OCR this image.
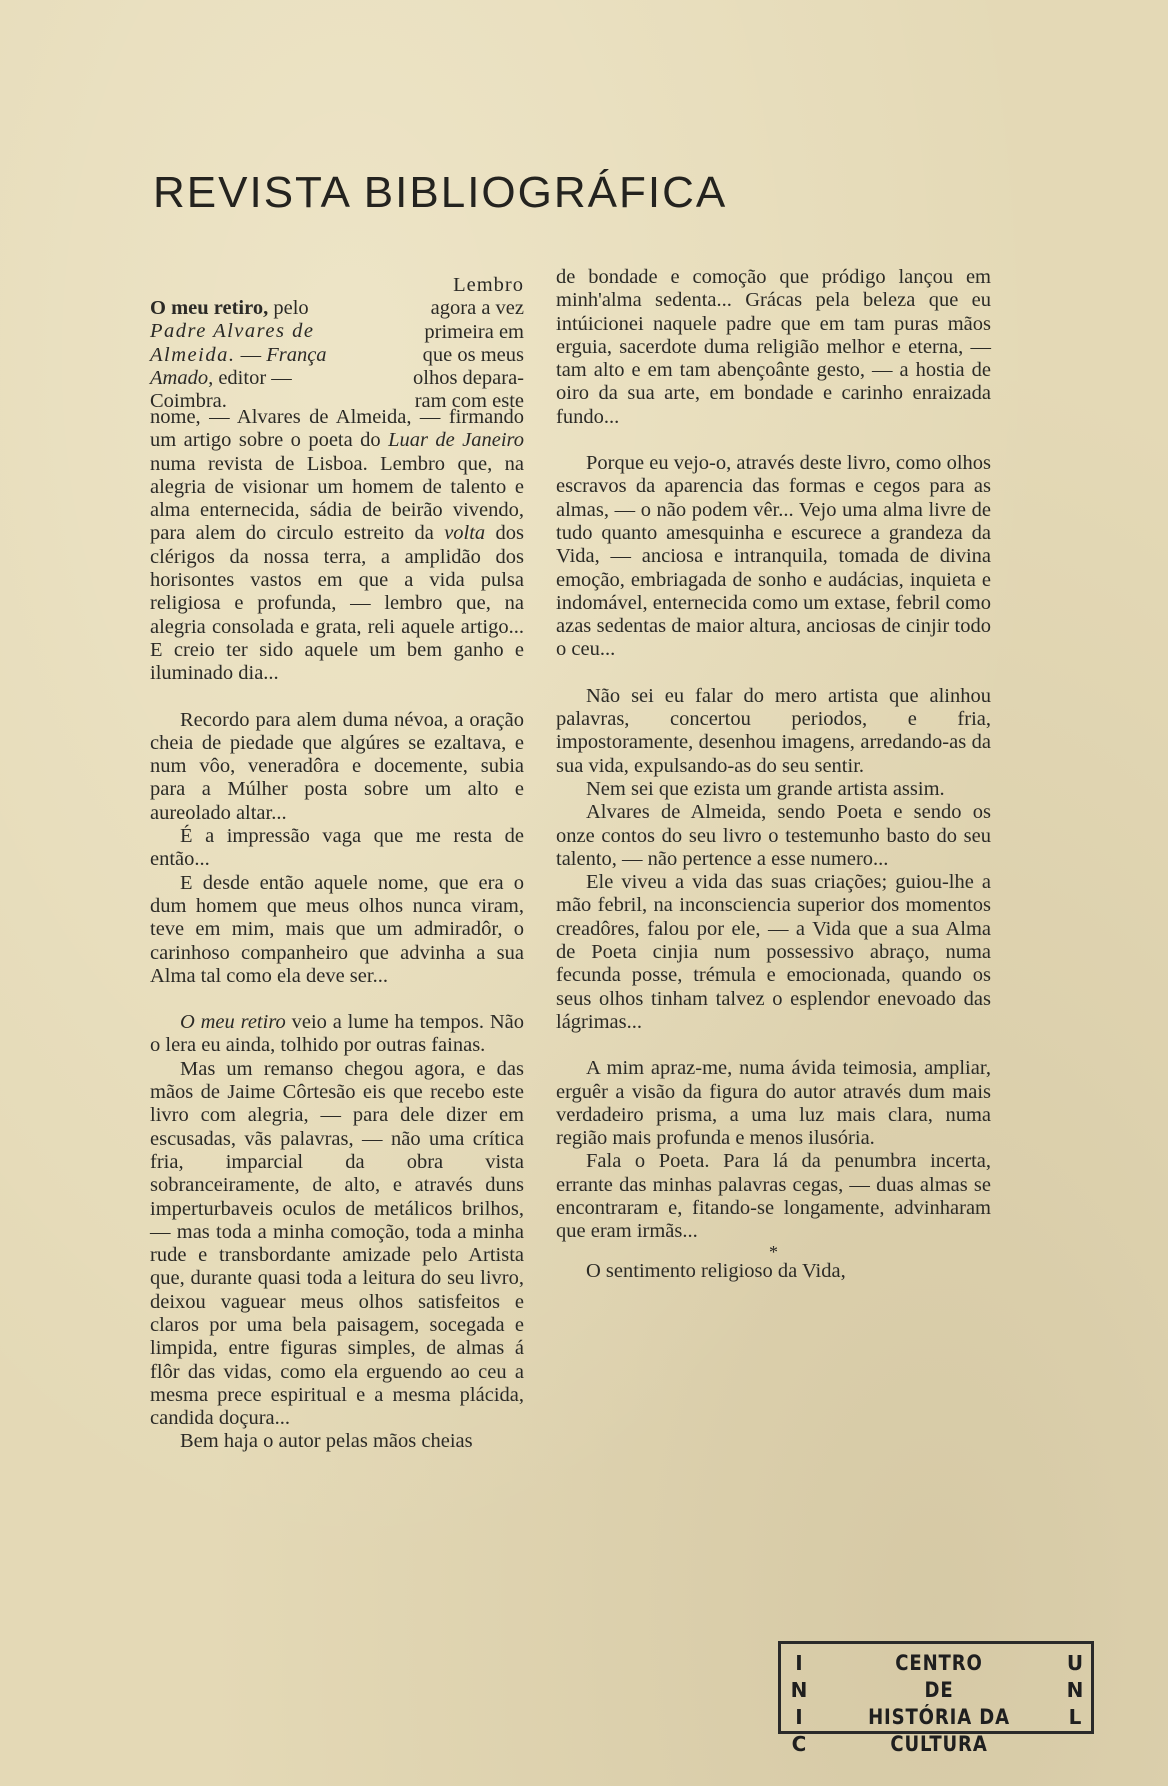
REVISTA BIBLIOGRÁFICA

Lembro
agora a vez
primeira em
que os meus
olhos depara-
ram com este

O meu retiro, pelo Padre Alvares de Almeida. — França Amado, editor — Coimbra.

nome, — Alvares de Almeida, — firmando um artigo sobre o poeta do Luar de Janeiro numa revista de Lisboa. Lembro que, na alegria de visionar um homem de talento e alma enternecida, sádia de beirão vivendo, para alem do circulo estreito da volta dos clérigos da nossa terra, a amplidão dos horisontes vastos em que a vida pulsa religiosa e profunda, — lembro que, na alegria consolada e grata, reli aquele artigo... E creio ter sido aquele um bem ganho e iluminado dia...

Recordo para alem duma névoa, a oração cheia de piedade que algúres se ezaltava, e num vôo, veneradôra e docemente, subia para a Múlher posta sobre um alto e aureolado altar...

É a impressão vaga que me resta de então...

E desde então aquele nome, que era o dum homem que meus olhos nunca viram, teve em mim, mais que um admiradôr, o carinhoso companheiro que advinha a sua Alma tal como ela deve ser...

O meu retiro veio a lume ha tempos. Não o lera eu ainda, tolhido por outras fainas.

Mas um remanso chegou agora, e das mãos de Jaime Côrtesão eis que recebo este livro com alegria, — para dele dizer em escusadas, vãs palavras, — não uma crítica fria, imparcial da obra vista sobranceiramente, de alto, e através duns imperturbaveis oculos de metálicos brilhos, — mas toda a minha comoção, toda a minha rude e transbordante amizade pelo Artista que, durante quasi toda a leitura do seu livro, deixou vaguear meus olhos satisfeitos e claros por uma bela paisagem, socegada e limpida, entre figuras simples, de almas á flôr das vidas, como ela erguendo ao ceu a mesma prece espiritual e a mesma plácida, candida doçura...

Bem haja o autor pelas mãos cheias

de bondade e comoção que pródigo lançou em minh'alma sedenta... Grácas pela beleza que eu intúicionei naquele padre que em tam puras mãos erguia, sacerdote duma religião melhor e eterna, — tam alto e em tam abençoânte gesto, — a hostia de oiro da sua arte, em bondade e carinho enraizada fundo...

Porque eu vejo-o, através deste livro, como olhos escravos da aparencia das formas e cegos para as almas, — o não podem vêr... Vejo uma alma livre de tudo quanto amesquinha e escurece a grandeza da Vida, — anciosa e intranquila, tomada de divina emoção, embriagada de sonho e audácias, inquieta e indomável, enternecida como um extase, febril como azas sedentas de maior altura, anciosas de cinjir todo o ceu...

Não sei eu falar do mero artista que alinhou palavras, concertou periodos, e fria, impostoramente, desenhou imagens, arredando-as da sua vida, expulsando-as do seu sentir.

Nem sei que ezista um grande artista assim.

Alvares de Almeida, sendo Poeta e sendo os onze contos do seu livro o testemunho basto do seu talento, — não pertence a esse numero...

Ele viveu a vida das suas criações; guiou-lhe a mão febril, na inconsciencia superior dos momentos creadôres, falou por ele, — a Vida que a sua Alma de Poeta cinjia num possessivo abraço, numa fecunda posse, trémula e emocionada, quando os seus olhos tinham talvez o esplendor enevoado das lágrimas...

A mim apraz-me, numa ávida teimosia, ampliar, erguêr a visão da figura do autor através dum mais verdadeiro prisma, a uma luz mais clara, numa região mais profunda e menos ilusória.

Fala o Poeta. Para lá da penumbra incerta, errante das minhas palavras cegas, — duas almas se encontraram e, fitando-se longamente, advinharam que eram irmãs...

*

O sentimento religioso da Vida,

I
N
I
C
CENTRO
DE
HISTÓRIA DA CULTURA
U
N
L
